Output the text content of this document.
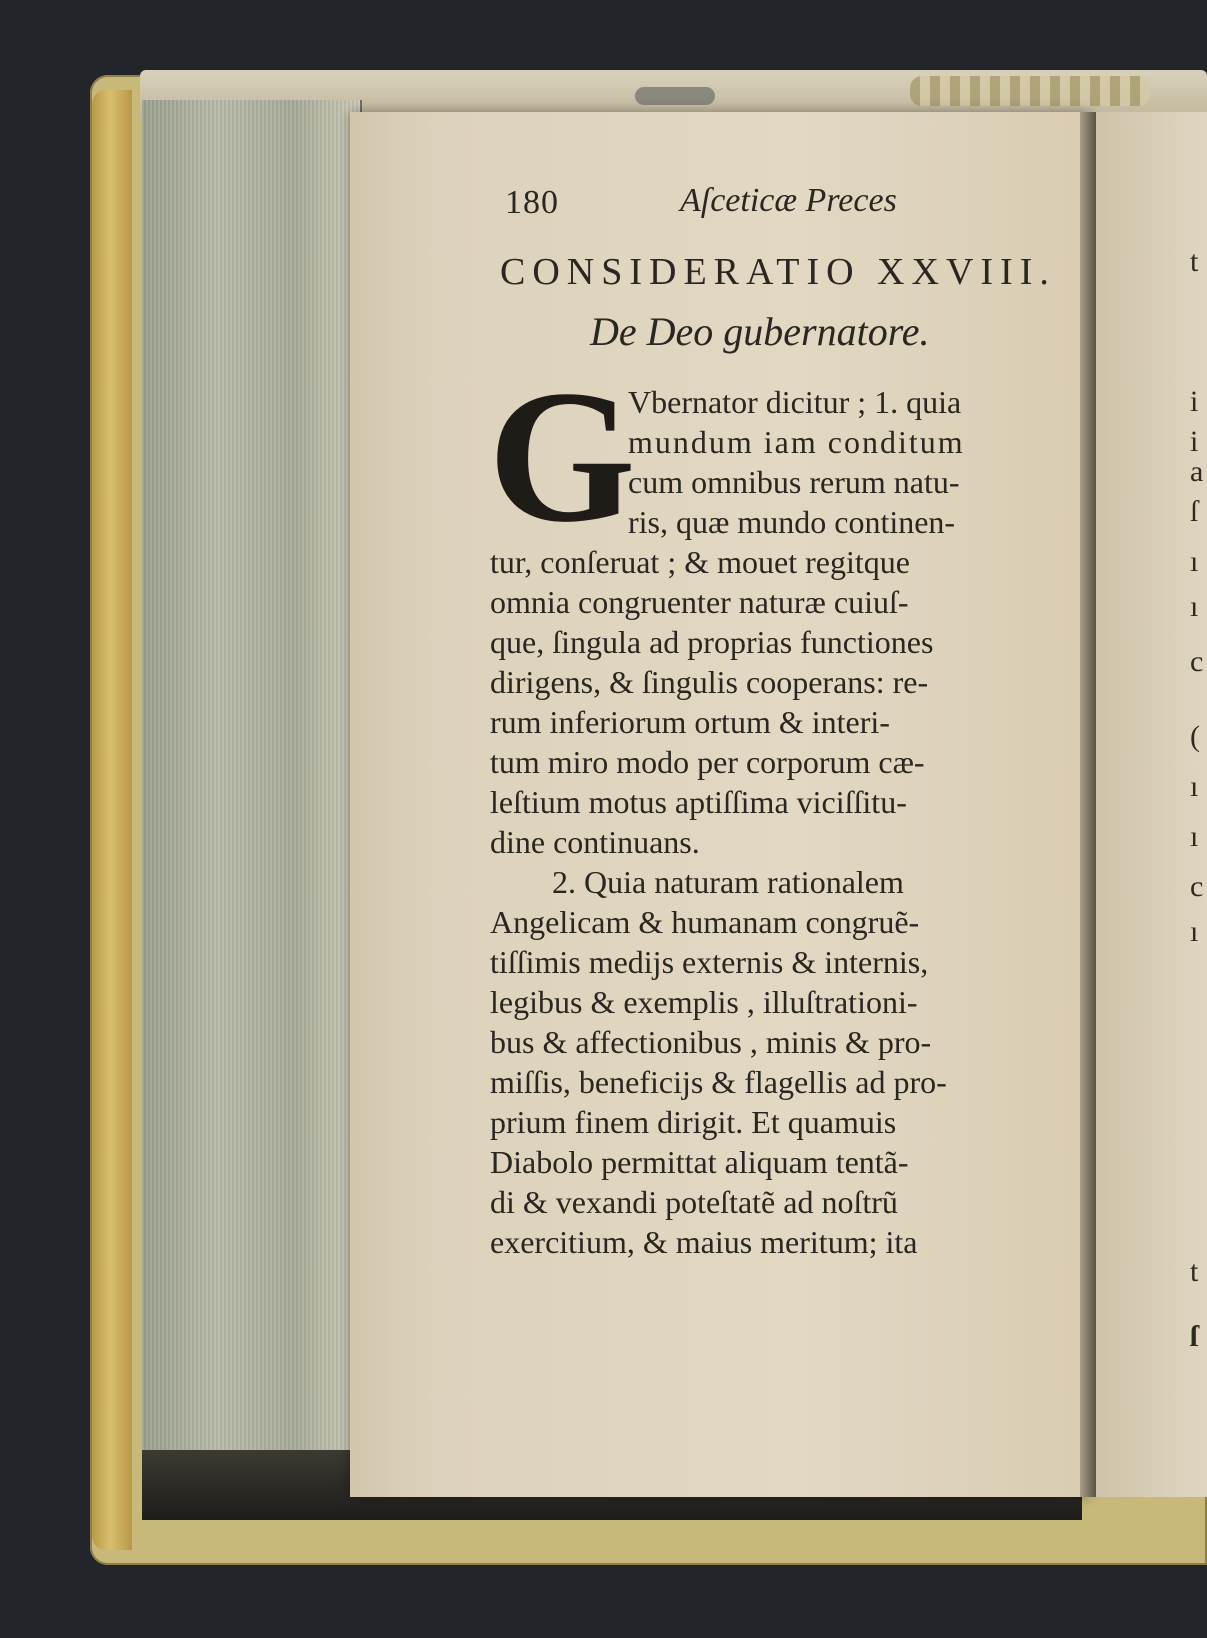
180	Aſceticæ Preces
CONSIDERATIO XXVIII.
De Deo gubernatore.
G
Vbernator dicitur ; 1. quia
mundum iam conditum
cum omnibus rerum natu-
ris, quæ mundo continen-
tur, conſeruat ; & mouet regitque
omnia congruenter naturæ cuiuſ-
que, ſingula ad proprias functiones
dirigens, & ſingulis cooperans: re-
rum inferiorum ortum & interi-
tum miro modo per corporum cæ-
leſtium motus aptiſſima viciſſitu-
dine continuans.
2. Quia naturam rationalem
Angelicam & humanam congruẽ-
tiſſimis medijs externis & internis,
legibus & exemplis , illuſtrationi-
bus & affectionibus , minis & pro-
miſſis, beneficijs & flagellis ad pro-
prium finem dirigit. Et quamuis
Diabolo permittat aliquam tentã-
di & vexandi poteſtatẽ ad noſtrũ
exercitium, & maius meritum; ita
t
i
i
a
ſ
ı
ı
c
(
ı
ı
c
ı
t
ſ
